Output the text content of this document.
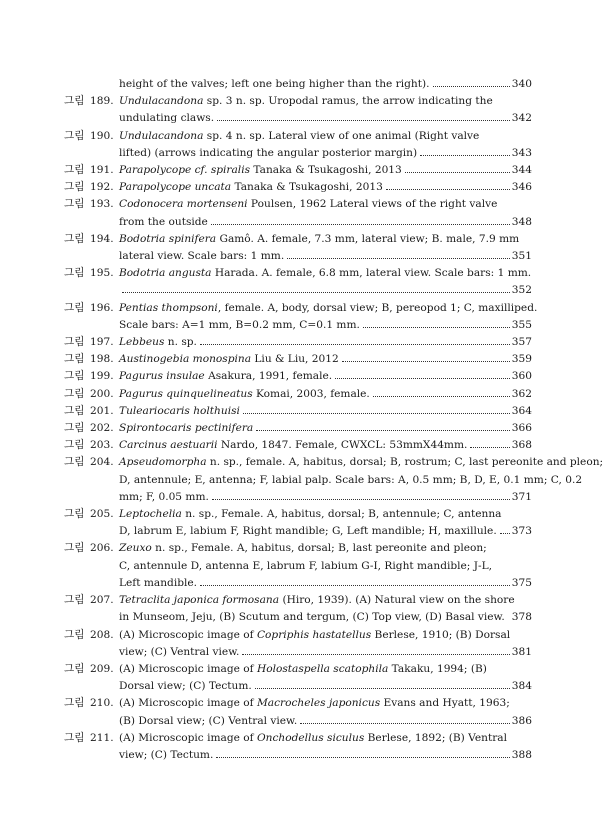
height of the valves; left one being higher than the right).	340
그림 189. Undulacandona sp. 3 n. sp. Uropodal ramus, the arrow indicating the
undulating claws.	342
그림 190. Undulacandona sp. 4 n. sp. Lateral view of one animal (Right valve
lifted) (arrows indicating the angular posterior margin)	343
그림 191. Parapolycope cf. spiralis Tanaka & Tsukagoshi, 2013	344
그림 192. Parapolycope uncata Tanaka & Tsukagoshi, 2013	346
그림 193. Codonocera mortenseni Poulsen, 1962 Lateral views of the right valve
from the outside	348
그림 194. Bodotria spinifera Gamô. A. female, 7.3 mm, lateral view; B. male, 7.9 mm
lateral view. Scale bars: 1 mm.	351
그림 195. Bodotria angusta Harada. A. female, 6.8 mm, lateral view. Scale bars: 1 mm.
352
그림 196. Pentias thompsoni, female. A, body, dorsal view; B, pereopod 1; C, maxilliped.
Scale bars: A=1 mm, B=0.2 mm, C=0.1 mm.	355
그림 197. Lebbeus n. sp.	357
그림 198. Austinogebia monospina Liu & Liu, 2012	359
그림 199. Pagurus insulae Asakura, 1991, female.	360
그림 200. Pagurus quinquelineatus Komai, 2003, female.	362
그림 201. Tuleariocaris holthuisi	364
그림 202. Spirontocaris pectinifera	366
그림 203. Carcinus aestuarii Nardo, 1847. Female, CWXCL: 53mmX44mm.	368
그림 204. Apseudomorpha n. sp., female. A, habitus, dorsal; B, rostrum; C, last pereonite and pleon;
D, antennule; E, antenna; F, labial palp. Scale bars: A, 0.5 mm; B, D, E, 0.1 mm; C, 0.2
mm; F, 0.05 mm.	371
그림 205. Leptochelia n. sp., Female. A, habitus, dorsal; B, antennule; C, antenna
D, labrum E, labium F, Right mandible; G, Left mandible; H, maxillule. 373
그림 206. Zeuxo n. sp., Female. A, habitus, dorsal; B, last pereonite and pleon;
C, antennule D, antenna E, labrum F, labium G-I, Right mandible; J-L,
Left mandible.	375
그림 207. Tetraclita japonica formosana (Hiro, 1939). (A) Natural view on the shore
in Munseom, Jeju, (B) Scutum and tergum, (C) Top view, (D) Basal view. 378
그림 208. (A) Microscopic image of Copriphis hastatellus Berlese, 1910; (B) Dorsal
view; (C) Ventral view.	381
그림 209. (A) Microscopic image of Holostaspella scatophila Takaku, 1994; (B)
Dorsal view; (C) Tectum.	384
그림 210. (A) Microscopic image of Macrocheles japonicus Evans and Hyatt, 1963;
(B) Dorsal view; (C) Ventral view.	386
그림 211. (A) Microscopic image of Onchodellus siculus Berlese, 1892; (B) Ventral
view; (C) Tectum.	388
